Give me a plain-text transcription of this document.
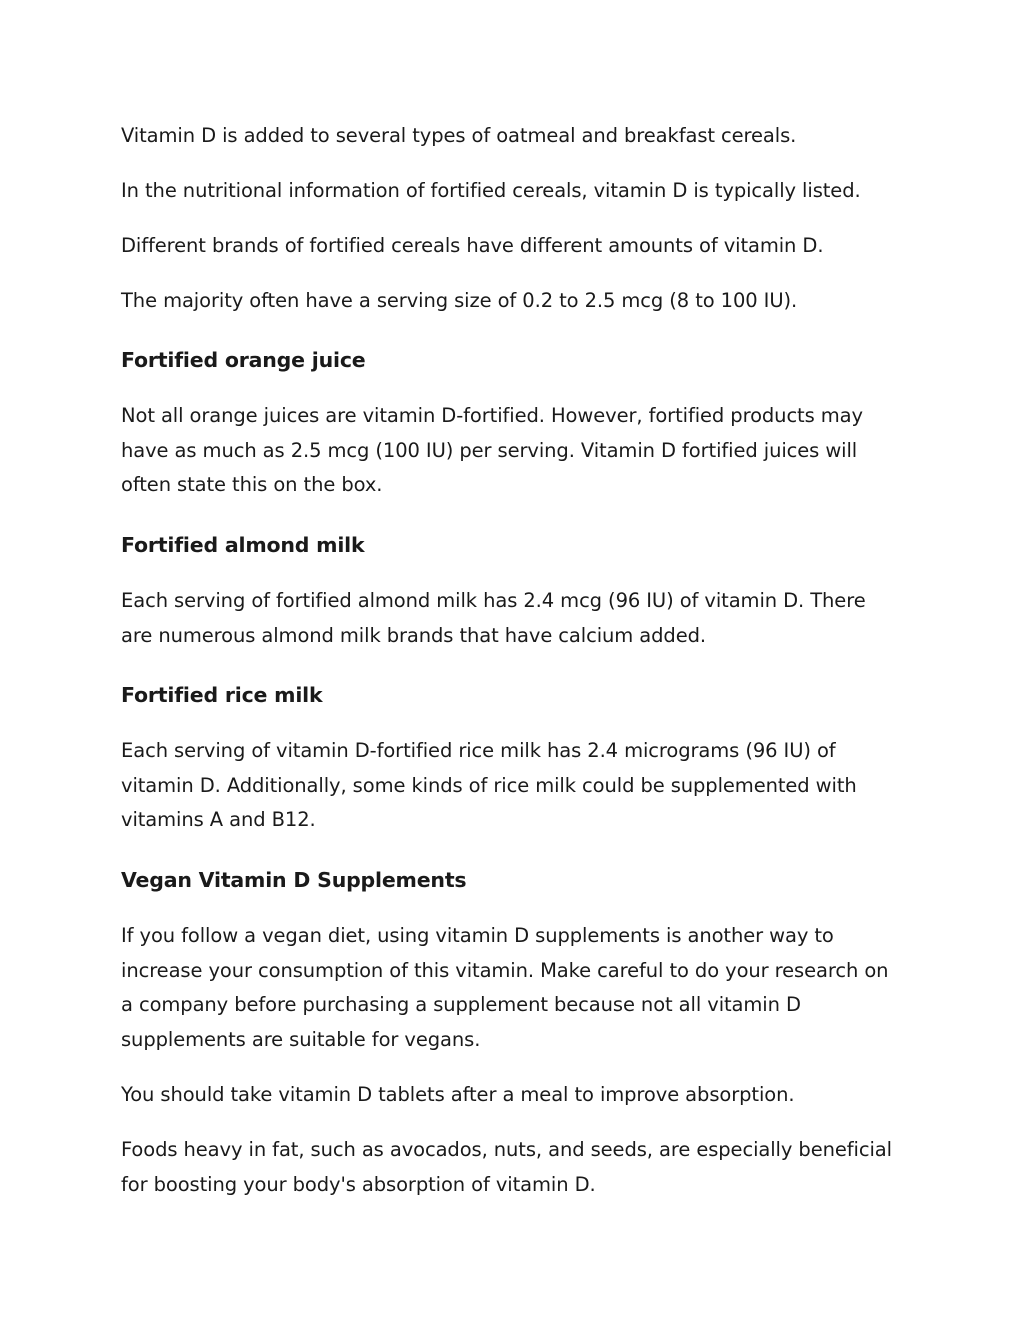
Vitamin D is added to several types of oatmeal and breakfast cereals.

In the nutritional information of fortified cereals, vitamin D is typically listed.

Different brands of fortified cereals have different amounts of vitamin D.

The majority often have a serving size of 0.2 to 2.5 mcg (8 to 100 IU).

Fortified orange juice

Not all orange juices are vitamin D-fortified. However, fortified products may have as much as 2.5 mcg (100 IU) per serving. Vitamin D fortified juices will often state this on the box.

Fortified almond milk

Each serving of fortified almond milk has 2.4 mcg (96 IU) of vitamin D. There are numerous almond milk brands that have calcium added.

Fortified rice milk

Each serving of vitamin D-fortified rice milk has 2.4 micrograms (96 IU) of vitamin D. Additionally, some kinds of rice milk could be supplemented with vitamins A and B12.

Vegan Vitamin D Supplements

If you follow a vegan diet, using vitamin D supplements is another way to increase your consumption of this vitamin. Make careful to do your research on a company before purchasing a supplement because not all vitamin D supplements are suitable for vegans.

You should take vitamin D tablets after a meal to improve absorption.

Foods heavy in fat, such as avocados, nuts, and seeds, are especially beneficial for boosting your body's absorption of vitamin D.
